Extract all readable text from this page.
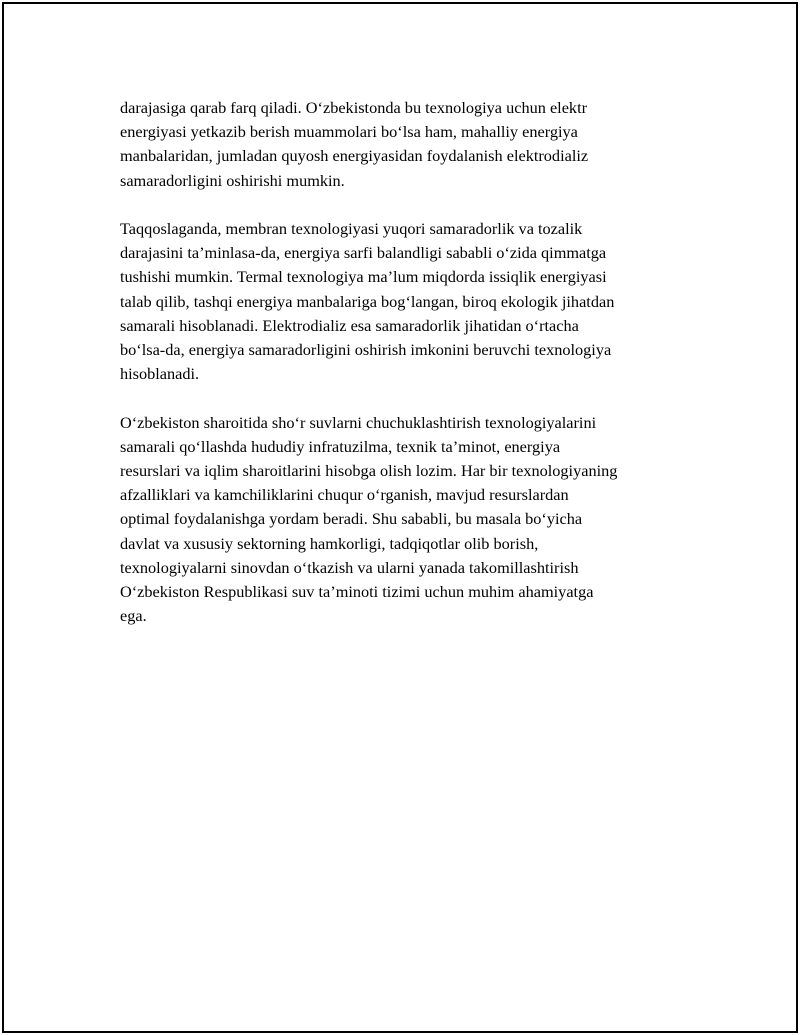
darajasiga qarab farq qiladi. O‘zbekistonda bu texnologiya uchun elektr
energiyasi yetkazib berish muammolari bo‘lsa ham, mahalliy energiya
manbalaridan, jumladan quyosh energiyasidan foydalanish elektrodializ
samaradorligini oshirishi mumkin.

Taqqoslaganda, membran texnologiyasi yuqori samaradorlik va tozalik
darajasini ta’minlasa-da, energiya sarfi balandligi sababli o‘zida qimmatga
tushishi mumkin. Termal texnologiya ma’lum miqdorda issiqlik energiyasi
talab qilib, tashqi energiya manbalariga bog‘langan, biroq ekologik jihatdan
samarali hisoblanadi. Elektrodializ esa samaradorlik jihatidan o‘rtacha
bo‘lsa-da, energiya samaradorligini oshirish imkonini beruvchi texnologiya
hisoblanadi.

O‘zbekiston sharoitida sho‘r suvlarni chuchuklashtirish texnologiyalarini
samarali qo‘llashda hududiy infratuzilma, texnik ta’minot, energiya
resurslari va iqlim sharoitlarini hisobga olish lozim. Har bir texnologiyaning
afzalliklari va kamchiliklarini chuqur o‘rganish, mavjud resurslardan
optimal foydalanishga yordam beradi. Shu sababli, bu masala bo‘yicha
davlat va xususiy sektorning hamkorligi, tadqiqotlar olib borish,
texnologiyalarni sinovdan o‘tkazish va ularni yanada takomillashtirish
O‘zbekiston Respublikasi suv ta’minoti tizimi uchun muhim ahamiyatga
ega.
